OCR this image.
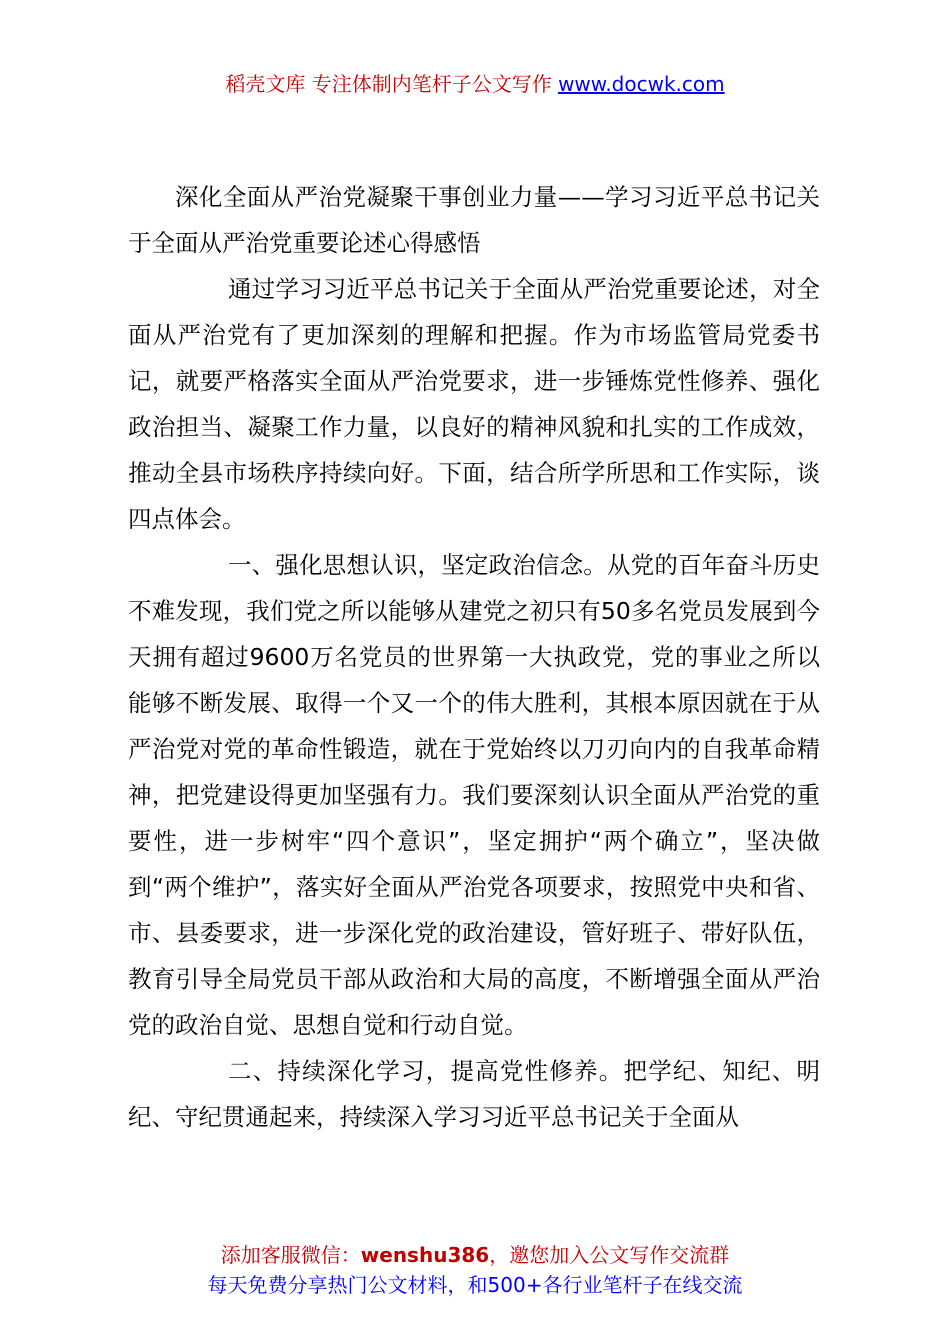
稻壳文库 专注体制内笔杆子公文写作 www.docwk.com

深化全面从严治党凝聚干事创业力量——学习习近平总书记关于全面从严治党重要论述心得感悟

通过学习习近平总书记关于全面从严治党重要论述，对全面从严治党有了更加深刻的理解和把握。作为市场监管局党委书记，就要严格落实全面从严治党要求，进一步锤炼党性修养、强化政治担当、凝聚工作力量，以良好的精神风貌和扎实的工作成效，推动全县市场秩序持续向好。下面，结合所学所思和工作实际，谈四点体会。

一、强化思想认识，坚定政治信念。从党的百年奋斗历史不难发现，我们党之所以能够从建党之初只有50多名党员发展到今天拥有超过9600万名党员的世界第一大执政党，党的事业之所以能够不断发展、取得一个又一个的伟大胜利，其根本原因就在于从严治党对党的革命性锻造，就在于党始终以刀刃向内的自我革命精神，把党建设得更加坚强有力。我们要深刻认识全面从严治党的重要性，进一步树牢“四个意识”，坚定拥护“两个确立”，坚决做到“两个维护”，落实好全面从严治党各项要求，按照党中央和省、市、县委要求，进一步深化党的政治建设，管好班子、带好队伍，教育引导全局党员干部从政治和大局的高度，不断增强全面从严治党的政治自觉、思想自觉和行动自觉。

二、持续深化学习，提高党性修养。把学纪、知纪、明纪、守纪贯通起来，持续深入学习习近平总书记关于全面从

添加客服微信：wenshu386，邀您加入公文写作交流群
每天免费分享热门公文材料，和500+各行业笔杆子在线交流
